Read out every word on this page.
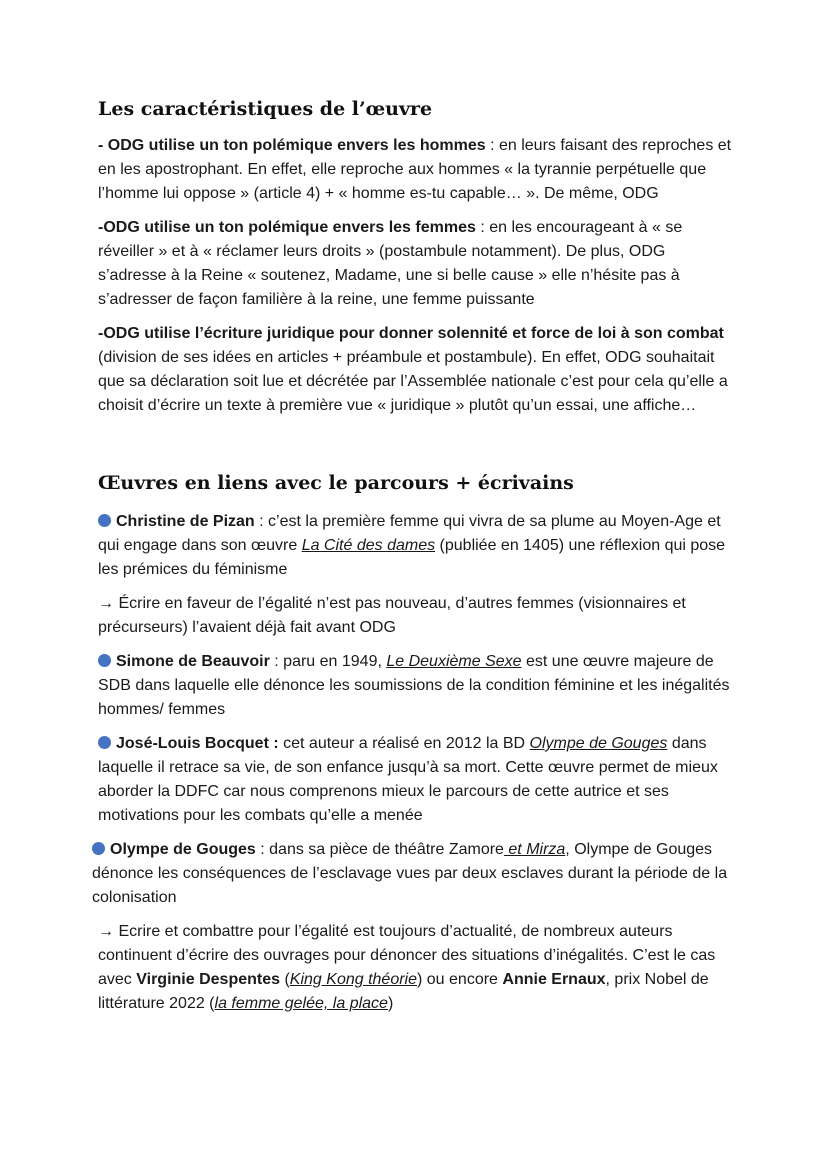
Les caractéristiques de l’œuvre

- ODG utilise un ton polémique envers les hommes : en leurs faisant des reproches et en les apostrophant. En effet, elle reproche aux hommes « la tyrannie perpétuelle que l’homme lui oppose » (article 4) + « homme es-tu capable… ». De même, ODG

-ODG utilise un ton polémique envers les femmes : en les encourageant à « se réveiller » et à « réclamer leurs droits » (postambule notamment). De plus, ODG s’adresse à la Reine « soutenez, Madame, une si belle cause » elle n’hésite pas à s’adresser de façon familière à la reine, une femme puissante

-ODG utilise l’écriture juridique pour donner solennité et force de loi à son combat (division de ses idées en articles + préambule et postambule). En effet, ODG souhaitait que sa déclaration soit lue et décrétée par l’Assemblée nationale c’est pour cela qu’elle a choisit d’écrire un texte à première vue « juridique » plutôt qu’un essai, une affiche…

Œuvres en liens avec le parcours + écrivains

Christine de Pizan : c’est la première femme qui vivra de sa plume au Moyen-Age et qui engage dans son œuvre La Cité des dames (publiée en 1405) une réflexion qui pose les prémices du féminisme

→ Écrire en faveur de l’égalité n’est pas nouveau, d’autres femmes (visionnaires et précurseurs) l’avaient déjà fait avant ODG

Simone de Beauvoir : paru en 1949, Le Deuxième Sexe est une œuvre majeure de SDB dans laquelle elle dénonce les soumissions de la condition féminine et les inégalités hommes/ femmes

José-Louis Bocquet : cet auteur a réalisé en 2012 la BD Olympe de Gouges dans laquelle il retrace sa vie, de son enfance jusqu’à sa mort. Cette œuvre permet de mieux aborder la DDFC car nous comprenons mieux le parcours de cette autrice et ses motivations pour les combats qu’elle a menée

Olympe de Gouges : dans sa pièce de théâtre Zamore et Mirza, Olympe de Gouges dénonce les conséquences de l’esclavage vues par deux esclaves durant la période de la colonisation

→ Ecrire et combattre pour l’égalité est toujours d’actualité, de nombreux auteurs continuent d’écrire des ouvrages pour dénoncer des situations d’inégalités. C’est le cas avec Virginie Despentes (King Kong théorie) ou encore Annie Ernaux, prix Nobel de littérature 2022 (la femme gelée, la place)
